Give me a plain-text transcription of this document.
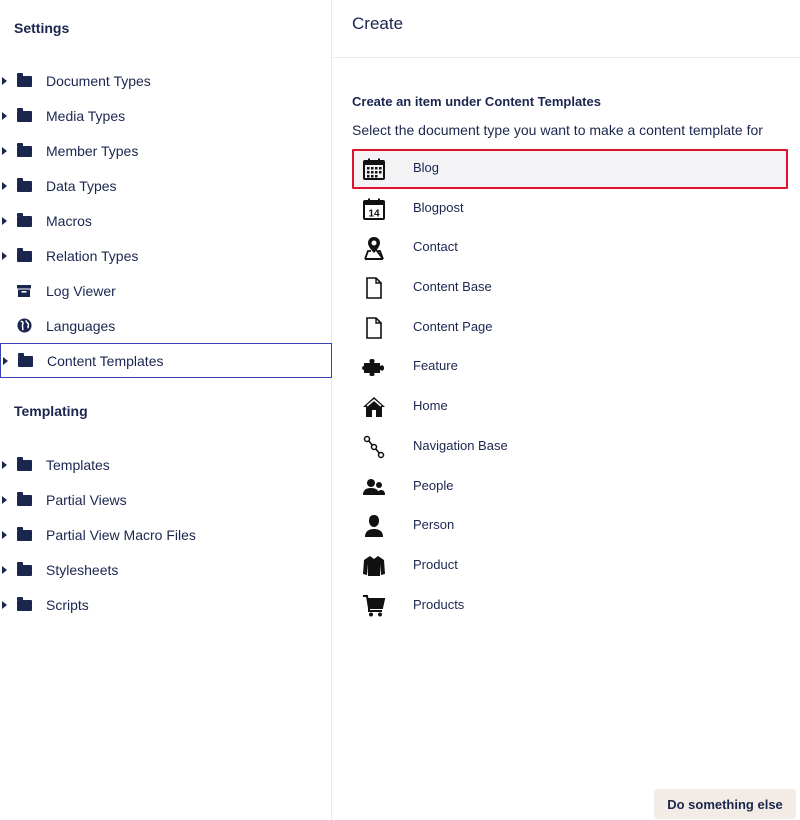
Settings
Document Types
Media Types
Member Types
Data Types
Macros
Relation Types
Log Viewer
Languages
Content Templates
Templating
Templates
Partial Views
Partial View Macro Files
Stylesheets
Scripts
Create
Create an item under Content Templates
Select the document type you want to make a content template for
Blog
14	Blogpost
Contact
Content Base
Content Page
Feature
Home
Navigation Base
People
Person
Product
Products
Do something else
